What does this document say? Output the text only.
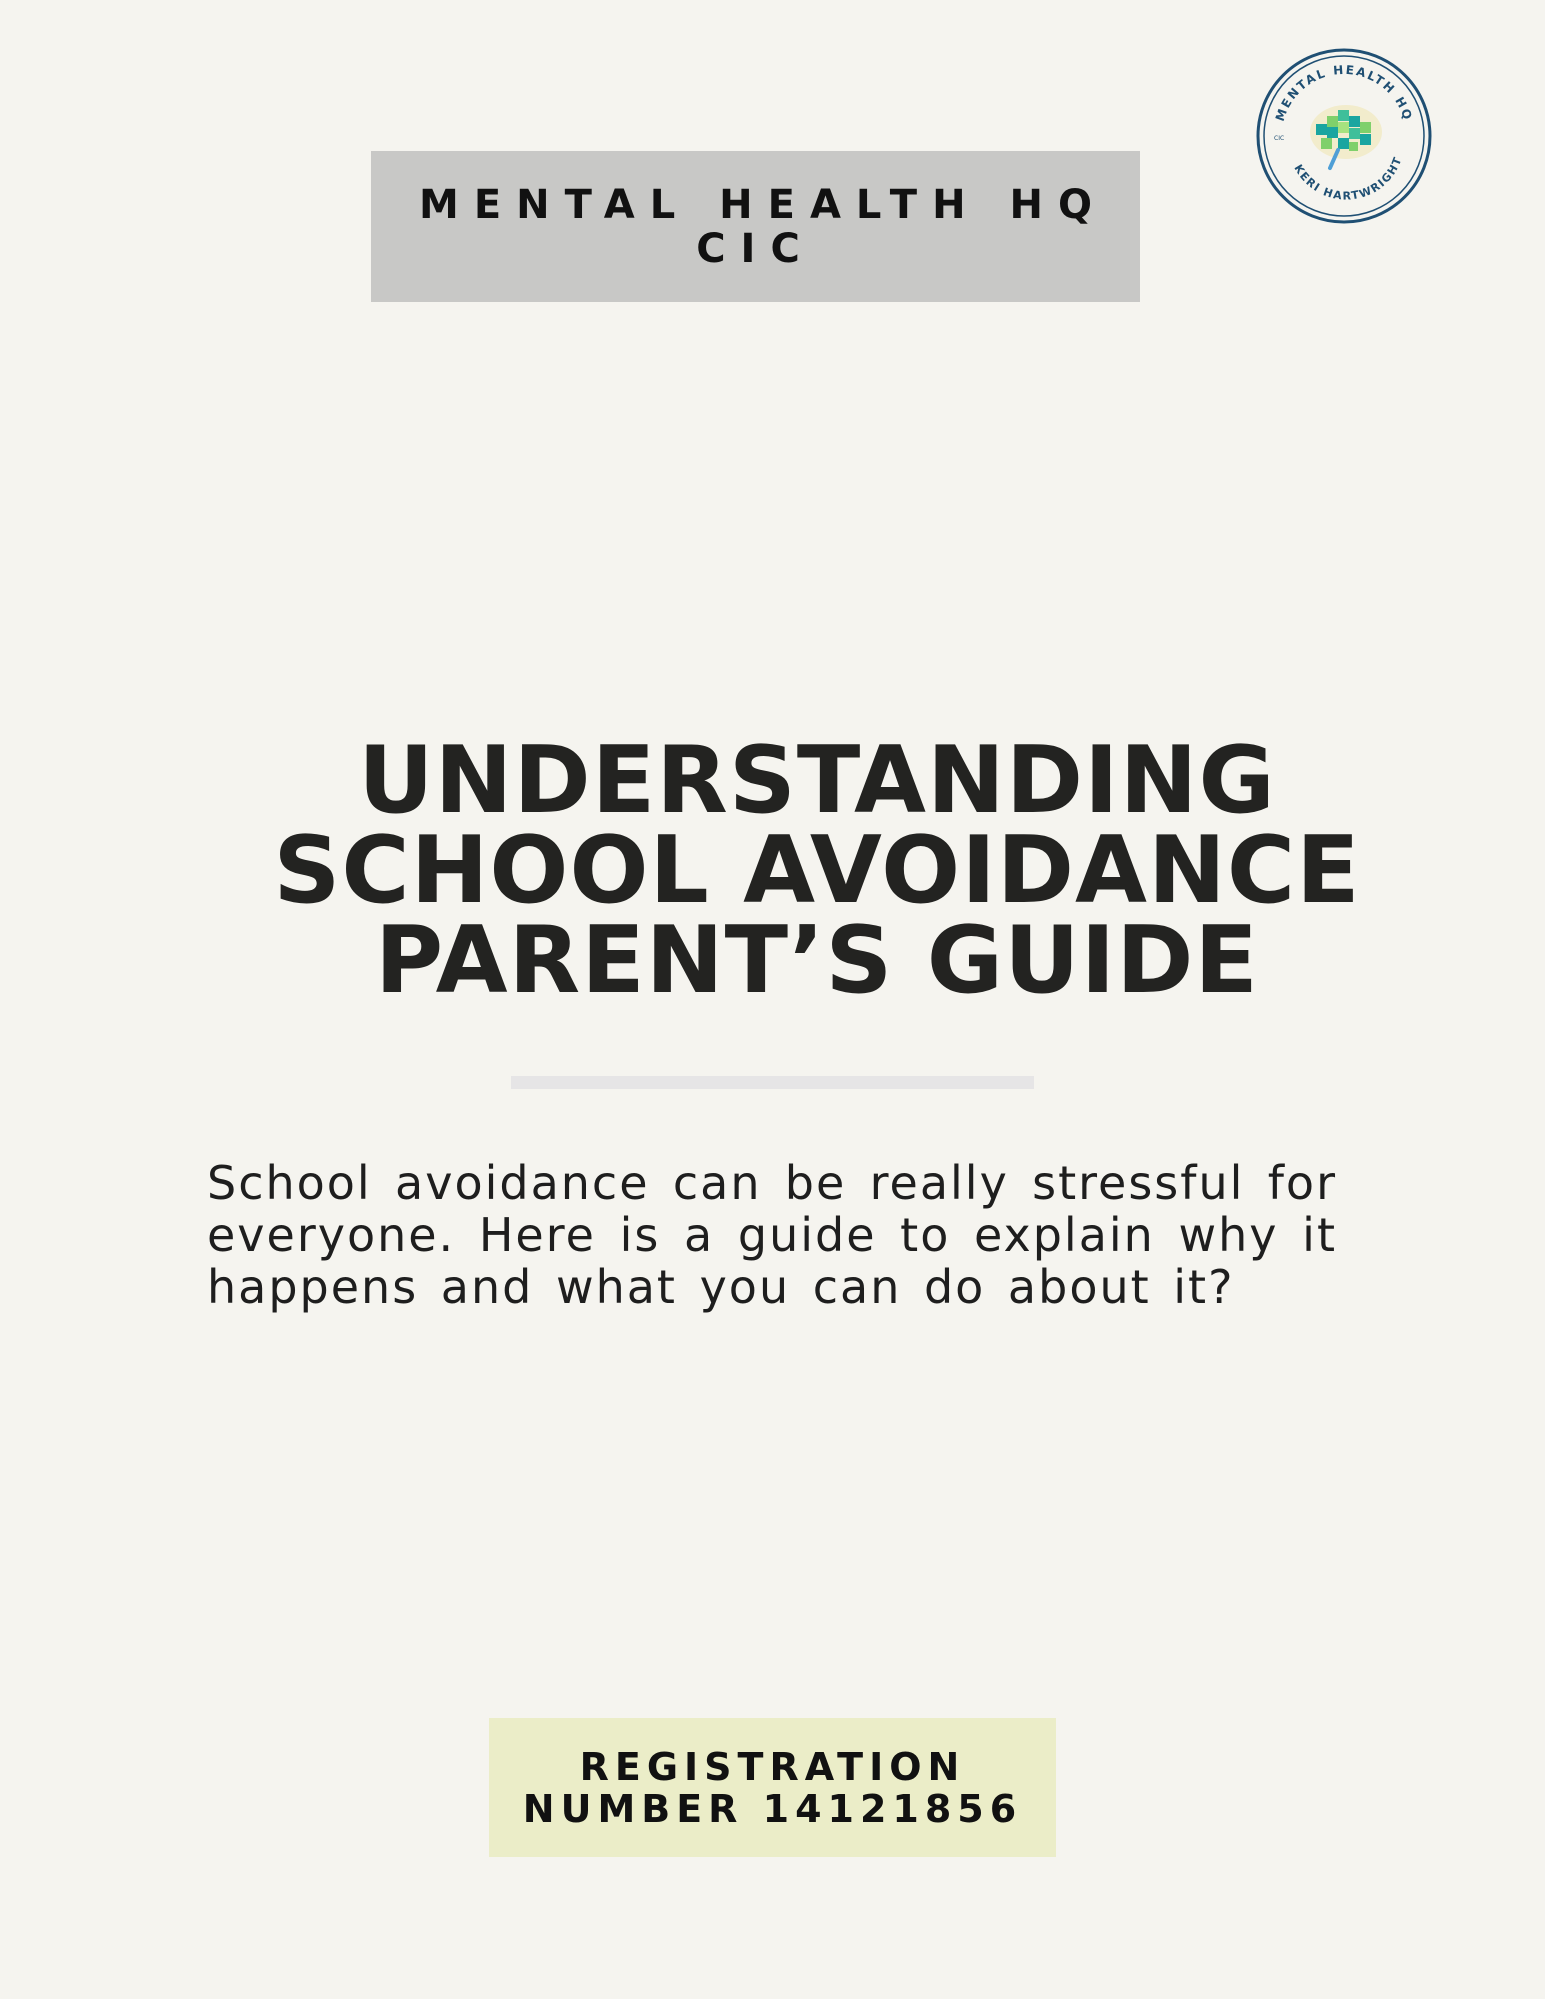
MENTAL HEALTH HQ
CIC
MENTAL HEALTH HQ
KERI HARTWRIGHT
CIC
UNDERSTANDING
SCHOOL AVOIDANCE
PARENT’S GUIDE
School avoidance can be really stressful for
everyone. Here is a guide to explain why it
happens and what you can do about it?
REGISTRATION
NUMBER 14121856
